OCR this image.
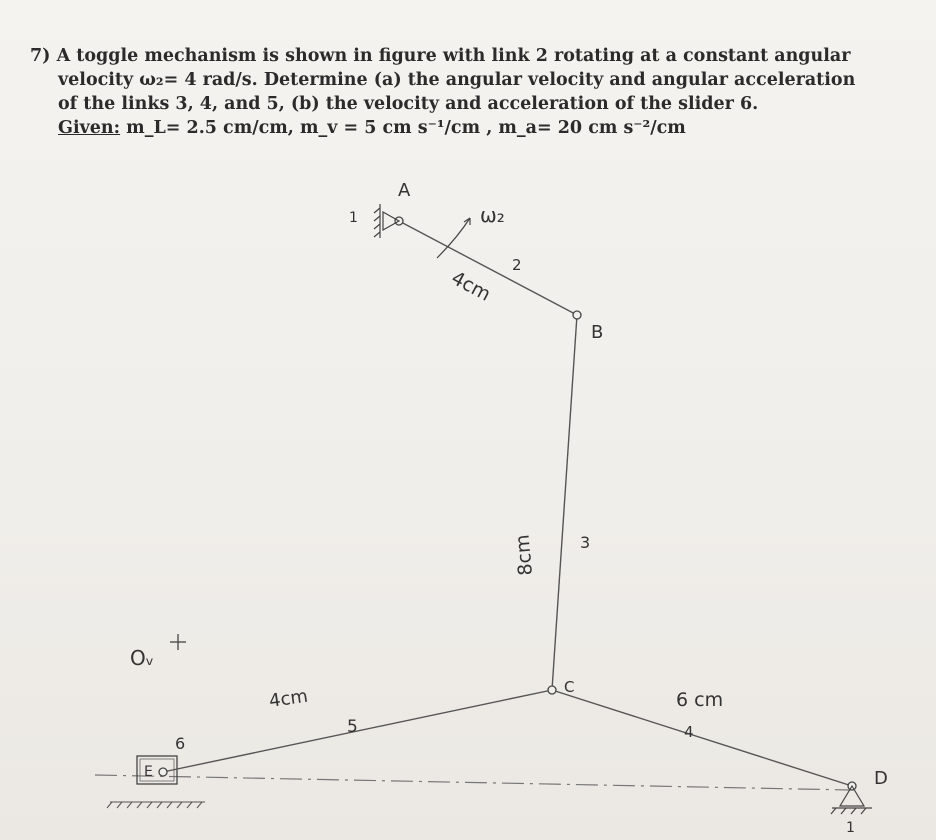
7) A toggle mechanism is shown in figure with link 2 rotating at a constant angular
velocity ω₂= 4 rad/s. Determine (a) the angular velocity and angular acceleration
of the links 3, 4, and 5, (b) the velocity and acceleration of the slider 6.
Given: m_L= 2.5 cm/cm, m_v = 5 cm s⁻¹/cm , m_a= 20 cm s⁻²/cm
A
B
C
D
E
ω₂
2
3
4
5
6
1
1
4cm
8cm
6 cm
4cm
Oᵥ
